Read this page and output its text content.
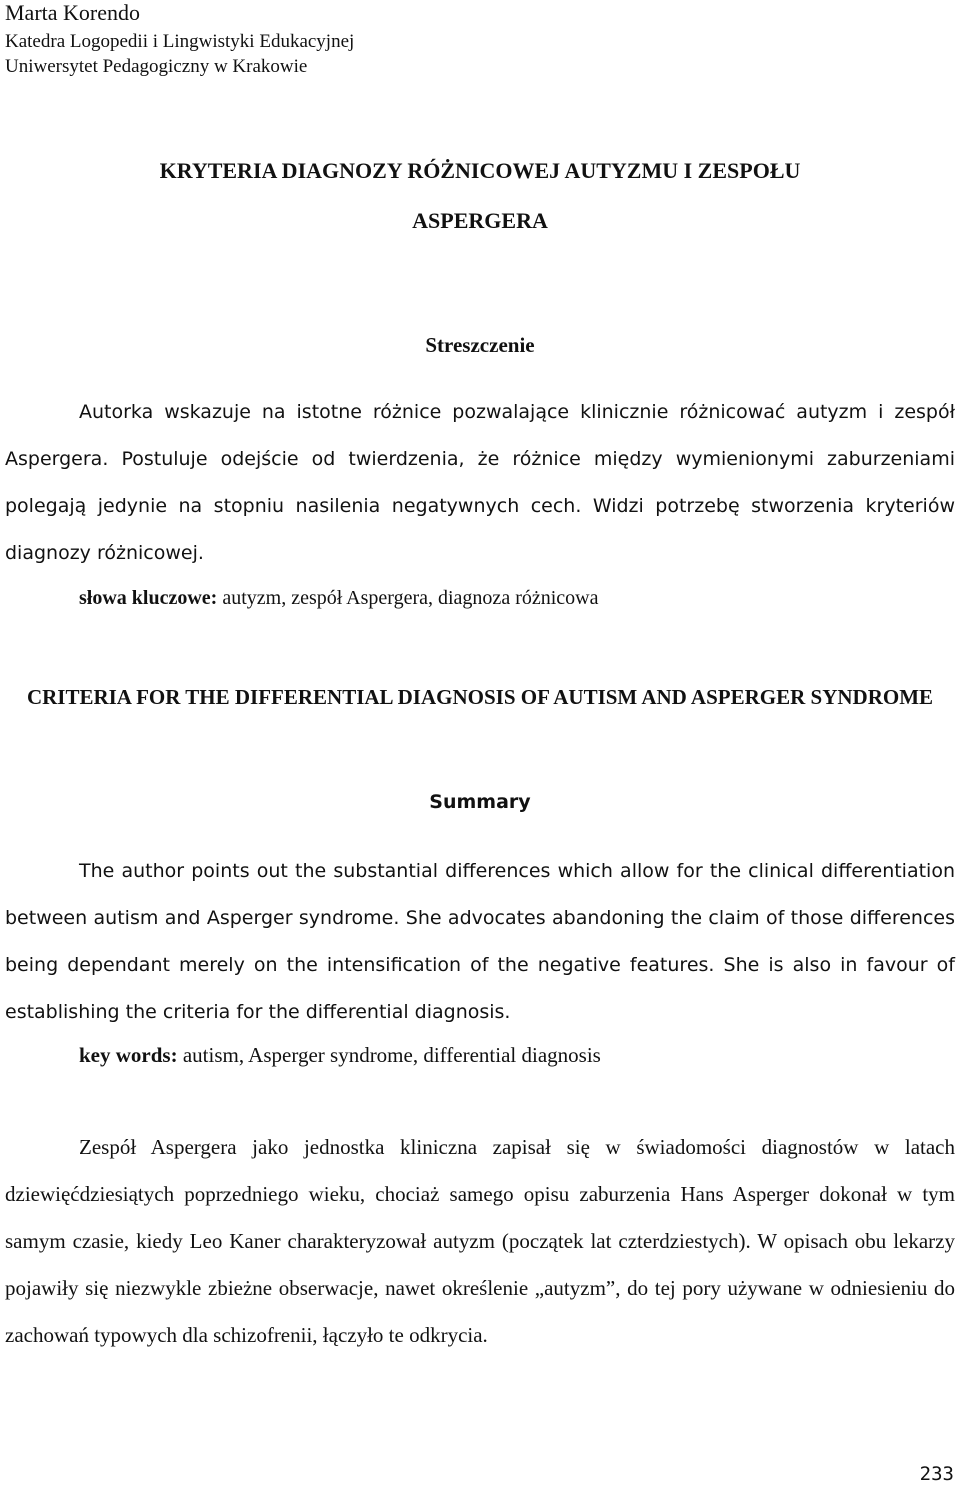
Marta Korendo
Katedra Logopedii i Lingwistyki Edukacyjnej
Uniwersytet Pedagogiczny w Krakowie
KRYTERIA DIAGNOZY RÓŻNICOWEJ AUTYZMU I ZESPOŁU ASPERGERA
Streszczenie

Autorka wskazuje na istotne różnice pozwalające klinicznie różnicować autyzm i zespół Aspergera. Postuluje odejście od twierdzenia, że różnice między wymienionymi zaburzeniami polegają jedynie na stopniu nasilenia negatywnych cech. Widzi potrzebę stworzenia kryteriów diagnozy różnicowej.

słowa kluczowe: autyzm, zespół Aspergera, diagnoza różnicowa

CRITERIA FOR THE DIFFERENTIAL DIAGNOSIS OF AUTISM AND ASPERGER SYNDROME
Summary

The author points out the substantial differences which allow for the clinical differentiation between autism and Asperger syndrome. She advocates abandoning the claim of those differences being dependant merely on the intensification of the negative features. She is also in favour of establishing the criteria for the differential diagnosis.

key words: autism, Asperger syndrome, differential diagnosis

Zespół Aspergera jako jednostka kliniczna zapisał się w świadomości diagnostów w latach dziewięćdziesiątych poprzedniego wieku, chociaż samego opisu zaburzenia Hans Asperger dokonał w tym samym czasie, kiedy Leo Kaner charakteryzował autyzm (początek lat czterdziestych). W opisach obu lekarzy pojawiły się niezwykle zbieżne obserwacje, nawet określenie „autyzm”, do tej pory używane w odniesieniu do zachowań typowych dla schizofrenii, łączyło te odkrycia.

233
